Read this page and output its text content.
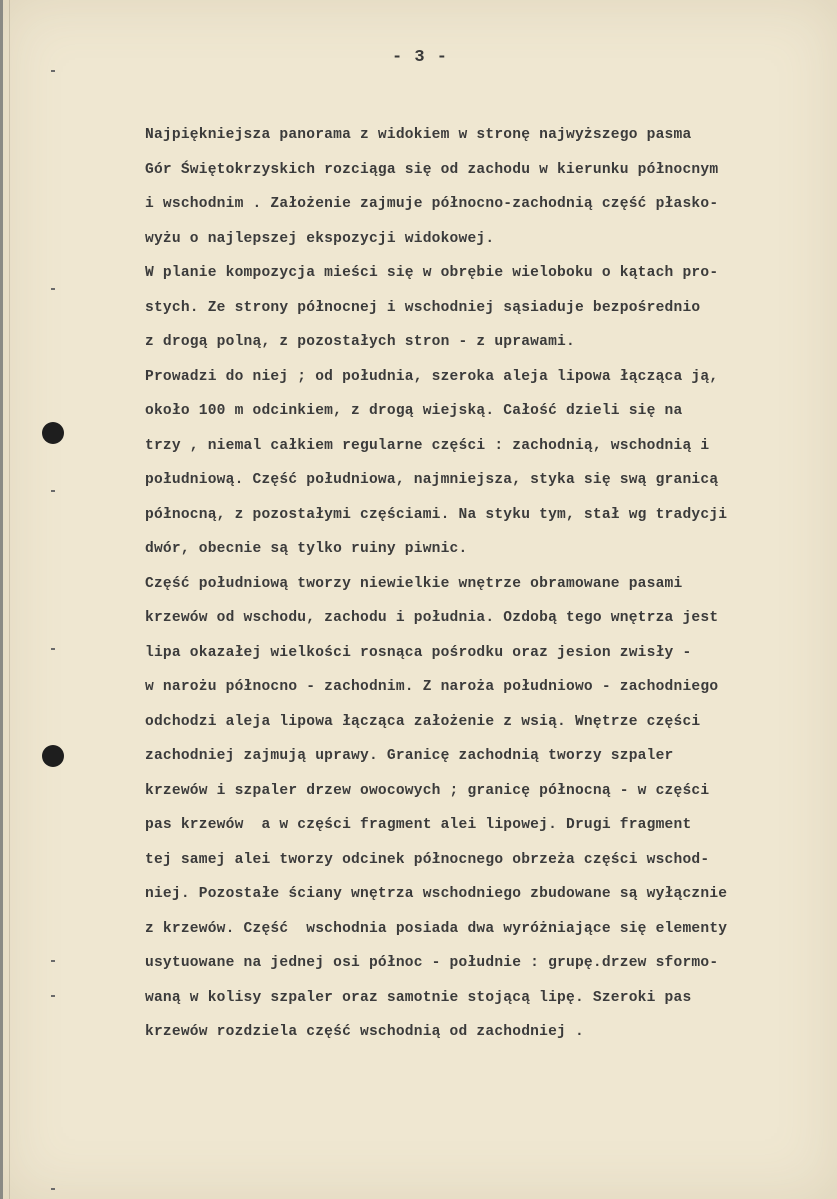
- 3 -
Najpiękniejsza panorama z widokiem w stronę najwyższego pasma
Gór Świętokrzyskich rozciąga się od zachodu w kierunku północnym
i wschodnim . Założenie zajmuje północno-zachodnią część płasko-
wyżu o najlepszej ekspozycji widokowej.
W planie kompozycja mieści się w obrębie wieloboku o kątach pro-
stych. Ze strony północnej i wschodniej sąsiaduje bezpośrednio
z drogą polną, z pozostałych stron - z uprawami.
Prowadzi do niej ; od południa, szeroka aleja lipowa łącząca ją,
około 100 m odcinkiem, z drogą wiejską. Całość dzieli się na
trzy , niemal całkiem regularne części : zachodnią, wschodnią i
południową. Część południowa, najmniejsza, styka się swą granicą
północną, z pozostałymi częściami. Na styku tym, stał wg tradycji
dwór, obecnie są tylko ruiny piwnic.
Część południową tworzy niewielkie wnętrze obramowane pasami
krzewów od wschodu, zachodu i południa. Ozdobą tego wnętrza jest
lipa okazałej wielkości rosnąca pośrodku oraz jesion zwisły -
w narożu północno - zachodnim. Z naroża południowo - zachodniego
odchodzi aleja lipowa łącząca założenie z wsią. Wnętrze części
zachodniej zajmują uprawy. Granicę zachodnią tworzy szpaler
krzewów i szpaler drzew owocowych ; granicę północną - w części
pas krzewów  a w części fragment alei lipowej. Drugi fragment
tej samej alei tworzy odcinek północnego obrzeża części wschod-
niej. Pozostałe ściany wnętrza wschodniego zbudowane są wyłącznie
z krzewów. Część  wschodnia posiada dwa wyróżniające się elementy
usytuowane na jednej osi północ - południe : grupę.drzew sformo-
waną w kolisy szpaler oraz samotnie stojącą lipę. Szeroki pas
krzewów rozdziela część wschodnią od zachodniej .
